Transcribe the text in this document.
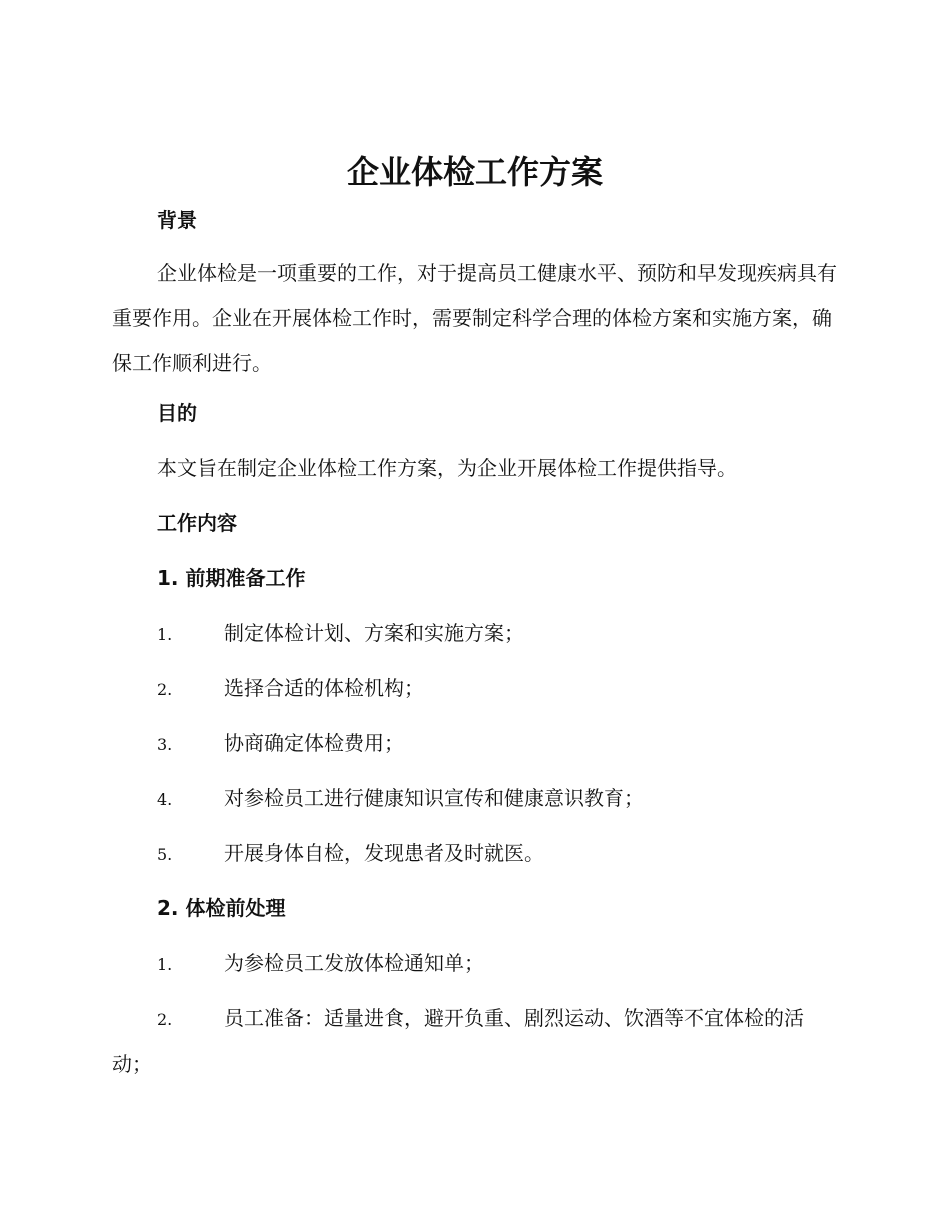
企业体检工作方案
背景

企业体检是一项重要的工作，对于提高员工健康水平、预防和早发现疾病具有重要作用。企业在开展体检工作时，需要制定科学合理的体检方案和实施方案，确保工作顺利进行。

目的

本文旨在制定企业体检工作方案，为企业开展体检工作提供指导。

工作内容
1. 前期准备工作

1.	制定体检计划、方案和实施方案；

2.	选择合适的体检机构；

3.	协商确定体检费用；

4.	对参检员工进行健康知识宣传和健康意识教育；

5.	开展身体自检，发现患者及时就医。

2. 体检前处理

1.	为参检员工发放体检通知单；

2.	员工准备：适量进食，避开负重、剧烈运动、饮酒等不宜体检的活动；
